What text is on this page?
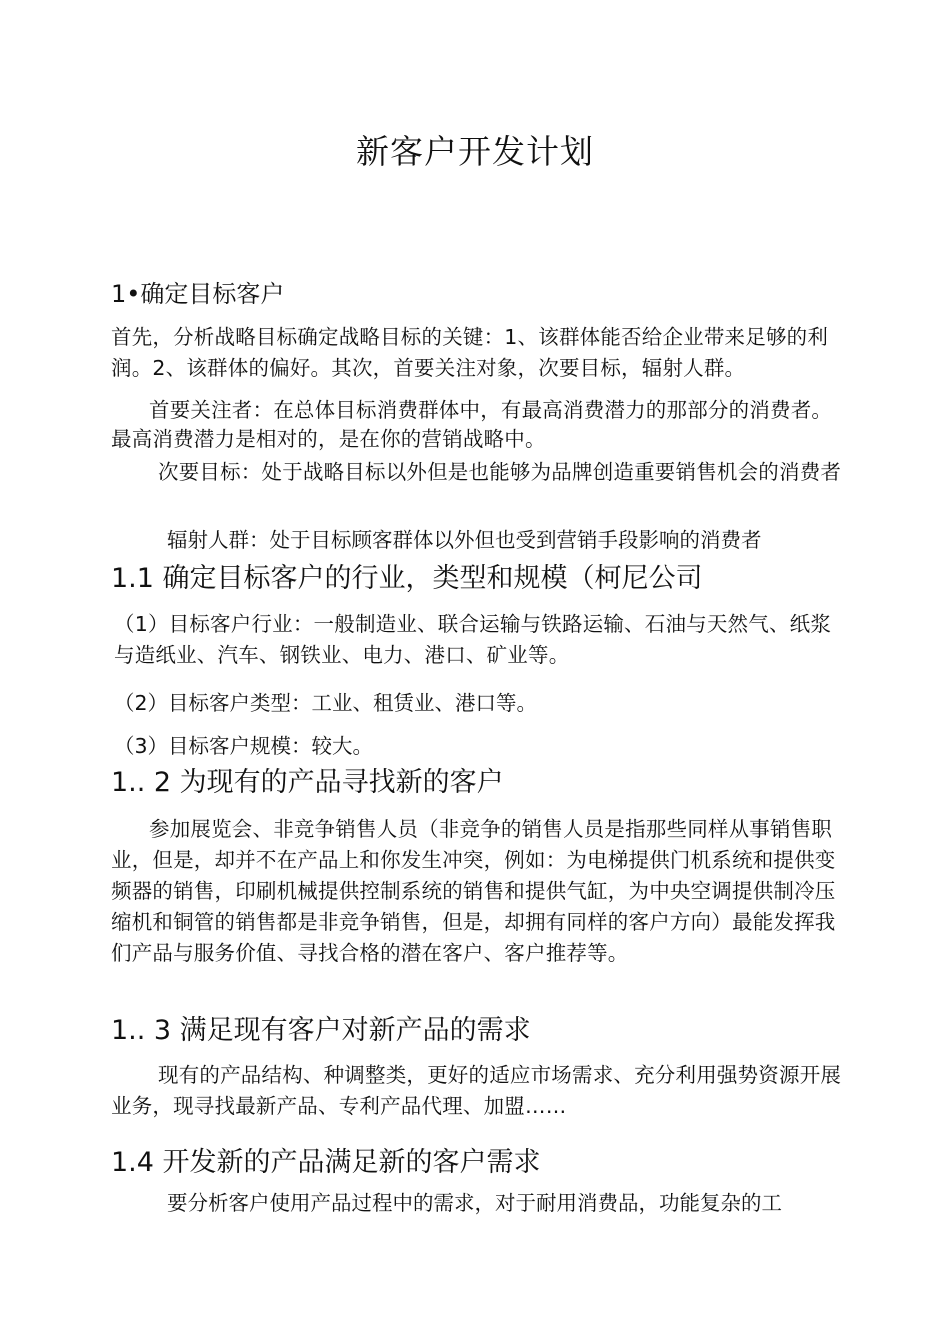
新客户开发计划
1•确定目标客户
首先，分析战略目标确定战略目标的关键：1、该群体能否给企业带来足够的利润。2、该群体的偏好。其次，首要关注对象，次要目标，辐射人群。
首要关注者：在总体目标消费群体中，有最高消费潜力的那部分的消费者。最高消费潜力是相对的，是在你的营销战略中。
次要目标：处于战略目标以外但是也能够为品牌创造重要销售机会的消费者
辐射人群：处于目标顾客群体以外但也受到营销手段影响的消费者
1.1 确定目标客户的行业，类型和规模（柯尼公司
（1）目标客户行业：一般制造业、联合运输与铁路运输、石油与天然气、纸浆与造纸业、汽车、钢铁业、电力、港口、矿业等。
（2）目标客户类型：工业、租赁业、港口等。
（3）目标客户规模：较大。
1.. 2 为现有的产品寻找新的客户
参加展览会、非竞争销售人员（非竞争的销售人员是指那些同样从事销售职业，但是，却并不在产品上和你发生冲突，例如：为电梯提供门机系统和提供变频器的销售，印刷机械提供控制系统的销售和提供气缸，为中央空调提供制冷压缩机和铜管的销售都是非竞争销售，但是，却拥有同样的客户方向）最能发挥我们产品与服务价值、寻找合格的潜在客户、客户推荐等。
1.. 3 满足现有客户对新产品的需求
现有的产品结构、种调整类，更好的适应市场需求、充分利用强势资源开展业务，现寻找最新产品、专利产品代理、加盟……
1.4 开发新的产品满足新的客户需求
要分析客户使用产品过程中的需求，对于耐用消费品，功能复杂的工
